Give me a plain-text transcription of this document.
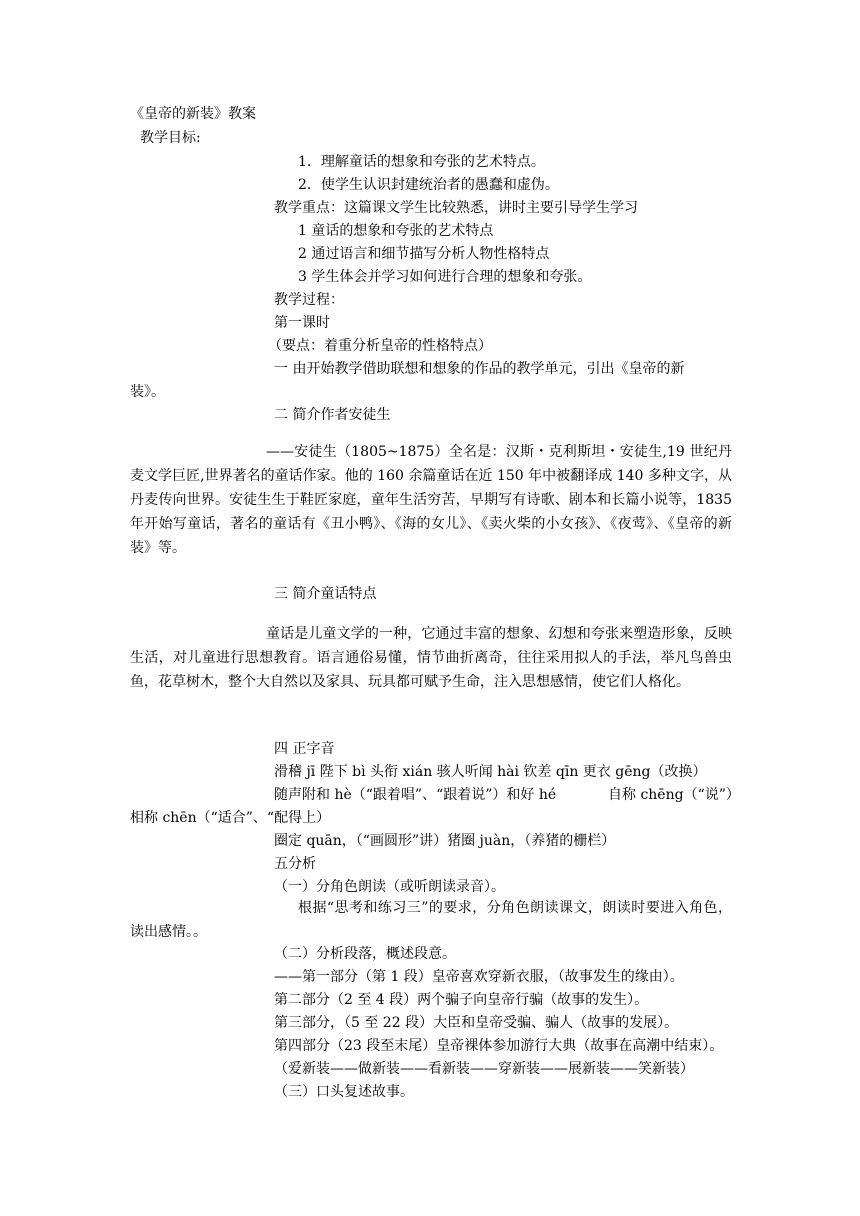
《皇帝的新装》教案
教学目标:
1．理解童话的想象和夸张的艺术特点。
2．使学生认识封建统治者的愚蠢和虚伪。
教学重点：这篇课文学生比较熟悉，讲时主要引导学生学习
1 童话的想象和夸张的艺术特点
2 通过语言和细节描写分析人物性格特点
3 学生体会并学习如何进行合理的想象和夸张。
教学过程：
第一课时
（要点：着重分析皇帝的性格特点）
一 由开始教学借助联想和想象的作品的教学单元，引出《皇帝的新
装》。
二 简介作者安徒生
——安徒生（1805~1875）全名是：汉斯・克利斯坦・安徒生,19 世纪丹麦文学巨匠,世界著名的童话作家。他的 160 余篇童话在近 150 年中被翻译成 140 多种文字，从丹麦传向世界。安徒生生于鞋匠家庭，童年生活穷苦，早期写有诗歌、剧本和长篇小说等，1835 年开始写童话，著名的童话有《丑小鸭》、《海的女儿》、《卖火柴的小女孩》、《夜莺》、《皇帝的新装》等。
三 简介童话特点
童话是儿童文学的一种，它通过丰富的想象、幻想和夸张来塑造形象，反映生活，对儿童进行思想教育。语言通俗易懂，情节曲折离奇，往往采用拟人的手法，举凡鸟兽虫鱼，花草树木，整个大自然以及家具、玩具都可赋予生命，注入思想感情，使它们人格化。
四 正字音
滑稽 jī 陛下 bì 头衔 xián 骇人听闻 hài 钦差 qīn 更衣 gēng（改换）
随声附和 hè（“跟着唱”、“跟着说”）和好 hé	自称 chēng（“说”）
相称 chēn（“适合”、“配得上）
圈定 quān，（“画圆形”讲）猪圈 juàn，（养猪的栅栏）
五分析
（一）分角色朗读（或听朗读录音）。
根据“思考和练习三”的要求，分角色朗读课文，朗读时要进入角色，读出感情。。
（二）分析段落，概述段意。
——第一部分（第 1 段）皇帝喜欢穿新衣服，（故事发生的缘由）。
第二部分（2 至 4 段）两个骗子向皇帝行骗（故事的发生）。
第三部分，（5 至 22 段）大臣和皇帝受骗、骗人（故事的发展）。
第四部分（23 段至末尾）皇帝裸体参加游行大典（故事在高潮中结束）。
（爱新装——做新装——看新装——穿新装——展新装——笑新装）
（三）口头复述故事。
